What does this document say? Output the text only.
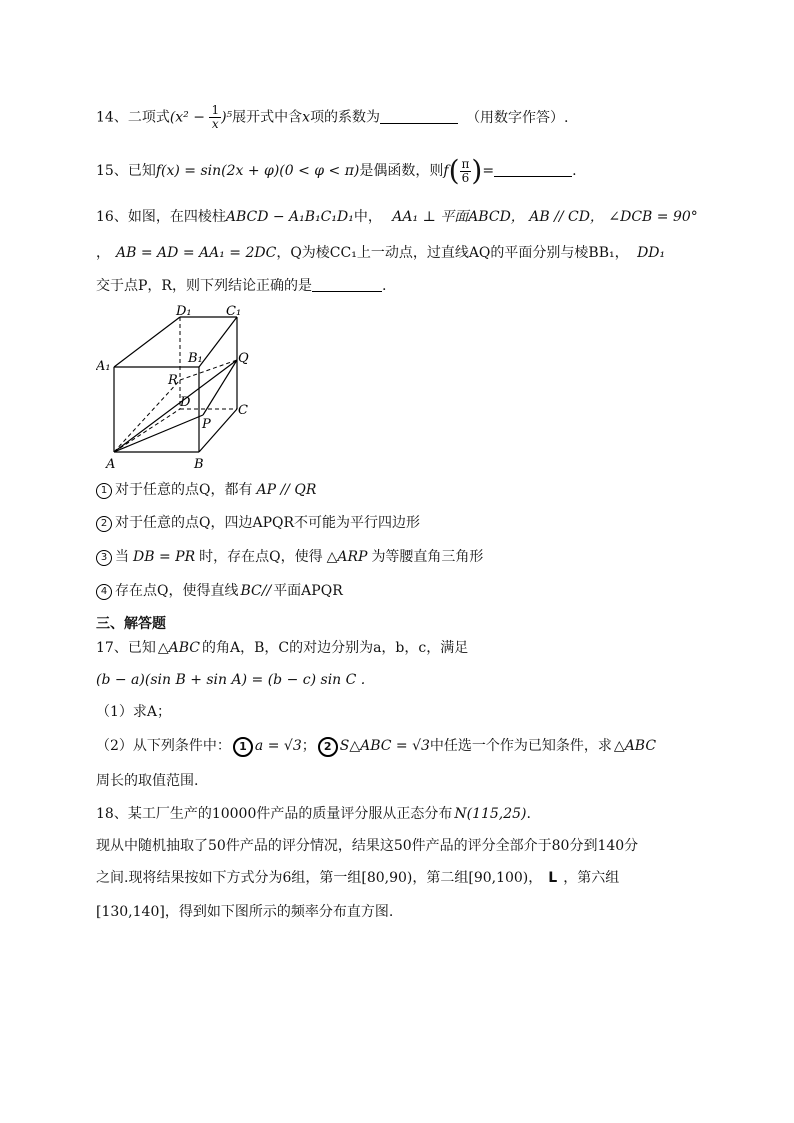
14、二项式$(x^2 - \frac{1}{x} )^5$展开式中含x项的系数为	（用数字作答）.
15、已知f(x) = sin(2x + φ)(0 < φ < π)是偶函数，则$f( \frac{\pi}{6}$ )=	.
16、如图，在四棱柱ABCD − A₁B₁C₁D₁中， AA₁ ⊥ 平面ABCD， AB // CD， ∠DCB = 90°
， AB = AD = AA₁ = 2DC，Q为棱CC₁上一动点，过直线AQ的平面分别与棱BB₁， DD₁
交于点P，R，则下列结论正确的是	.
D₁	C₁
A₁
B₁	Q
R
D
C
P
A	B
1 对于任意的点Q，都有 AP // QR
2 对于任意的点Q，四边APQR不可能为平行四边形
3 当 DB = PR 时，存在点Q，使得 △ARP 为等腰直角三角形
4 存在点Q，使得直线 BC// 平面APQR
三、解答题
17、已知 △ABC 的角A，B，C的对边分别为a，b，c，满足
(b − a)(sin B + sin A) = (b − c) sin C .
（1）求A；
（2）从下列条件中： 1 a = √3； 2 S△ABC = √3中任选一个作为已知条件，求 △ABC
周长的取值范围.
18、某工厂生产的10000件产品的质量评分服从正态分布 N(115,25).
现从中随机抽取了50件产品的评分情况，结果这50件产品的评分全部介于80分到140分
之间.现将结果按如下方式分为6组，第一组[80,90)，第二组[90,100)， L ，第六组
[130,140]，得到如下图所示的频率分布直方图.
